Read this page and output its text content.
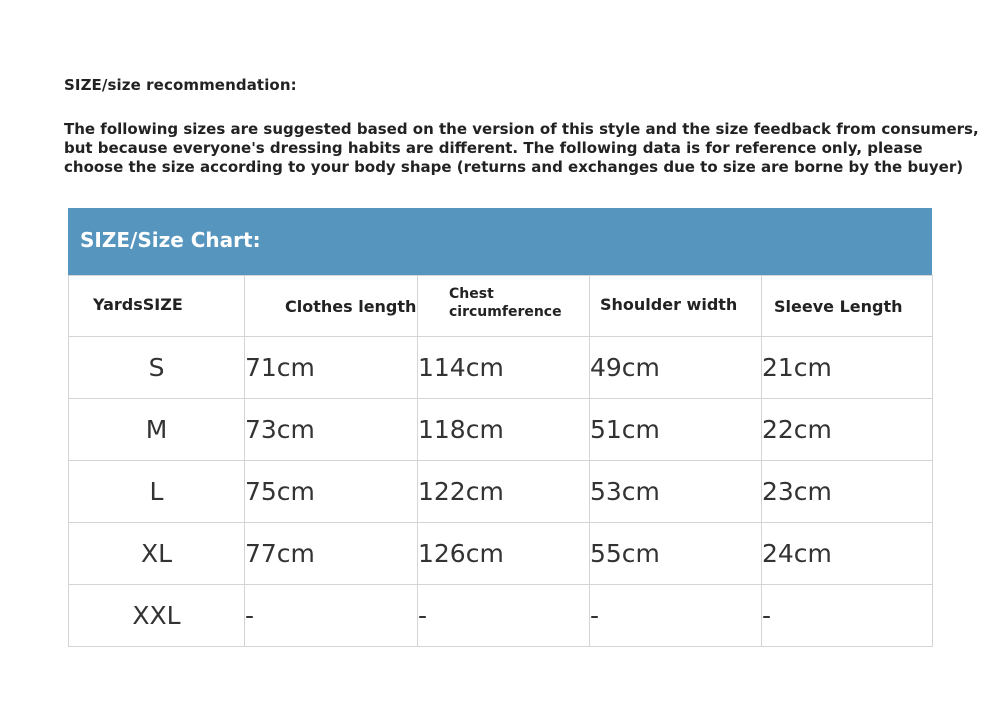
SIZE/size recommendation:
The following sizes are suggested based on the version of this style and the size feedback from consumers,
but because everyone's dressing habits are different. The following data is for reference only, please
choose the size according to your body shape (returns and exchanges due to size are borne by the buyer)
SIZE/Size Chart:
YardsSIZE	Clothes length	Chest
circumference	Shoulder width	Sleeve Length

S	71cm	114cm	49cm	21cm
M	73cm	118cm	51cm	22cm
L	75cm	122cm	53cm	23cm
XL	77cm	126cm	55cm	24cm
XXL	-	-	-	-
